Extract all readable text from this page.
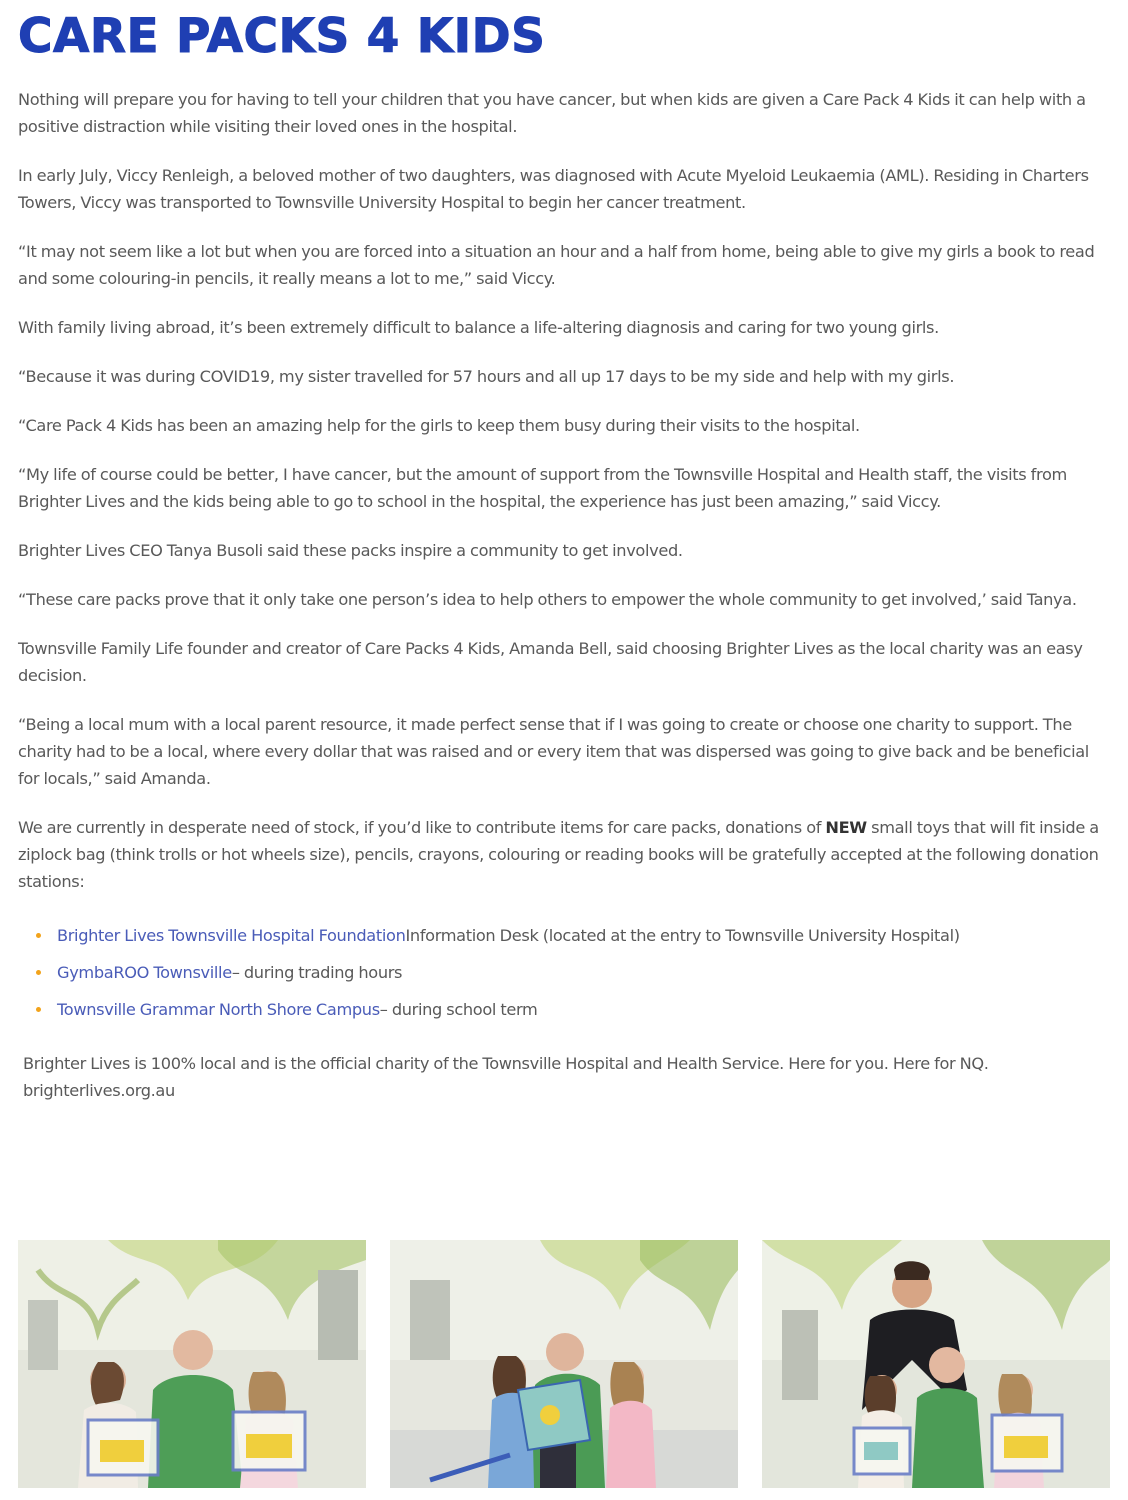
CARE PACKS 4 KIDS

Nothing will prepare you for having to tell your children that you have cancer, but when kids are given a Care Pack 4 Kids it can help with a positive distraction while visiting their loved ones in the hospital.

In early July, Viccy Renleigh, a beloved mother of two daughters, was diagnosed with Acute Myeloid Leukaemia (AML). Residing in Charters Towers, Viccy was transported to Townsville University Hospital to begin her cancer treatment.

“It may not seem like a lot but when you are forced into a situation an hour and a half from home, being able to give my girls a book to read and some colouring-in pencils, it really means a lot to me,” said Viccy.

With family living abroad, it’s been extremely difficult to balance a life-altering diagnosis and caring for two young girls.

“Because it was during COVID19, my sister travelled for 57 hours and all up 17 days to be my side and help with my girls.

“Care Pack 4 Kids has been an amazing help for the girls to keep them busy during their visits to the hospital.

“My life of course could be better, I have cancer, but the amount of support from the Townsville Hospital and Health staff, the visits from Brighter Lives and the kids being able to go to school in the hospital, the experience has just been amazing,” said Viccy.

Brighter Lives CEO Tanya Busoli said these packs inspire a community to get involved.

“These care packs prove that it only take one person’s idea to help others to empower the whole community to get involved,’ said Tanya.

Townsville Family Life founder and creator of Care Packs 4 Kids, Amanda Bell, said choosing Brighter Lives as the local charity was an easy decision.

“Being a local mum with a local parent resource, it made perfect sense that if I was going to create or choose one charity to support. The charity had to be a local, where every dollar that was raised and or every item that was dispersed was going to give back and be beneficial for locals,” said Amanda.

We are currently in desperate need of stock, if you’d like to contribute items for care packs, donations of NEW small toys that will fit inside a ziplock bag (think trolls or hot wheels size), pencils, crayons, colouring or reading books will be gratefully accepted at the following donation stations:

Brighter Lives Townsville Hospital FoundationInformation Desk (located at the entry to Townsville University Hospital)
GymbaROO Townsville– during trading hours
Townsville Grammar North Shore Campus– during school term

Brighter Lives is 100% local and is the official charity of the Townsville Hospital and Health Service. Here for you. Here for NQ. brighterlives.org.au
